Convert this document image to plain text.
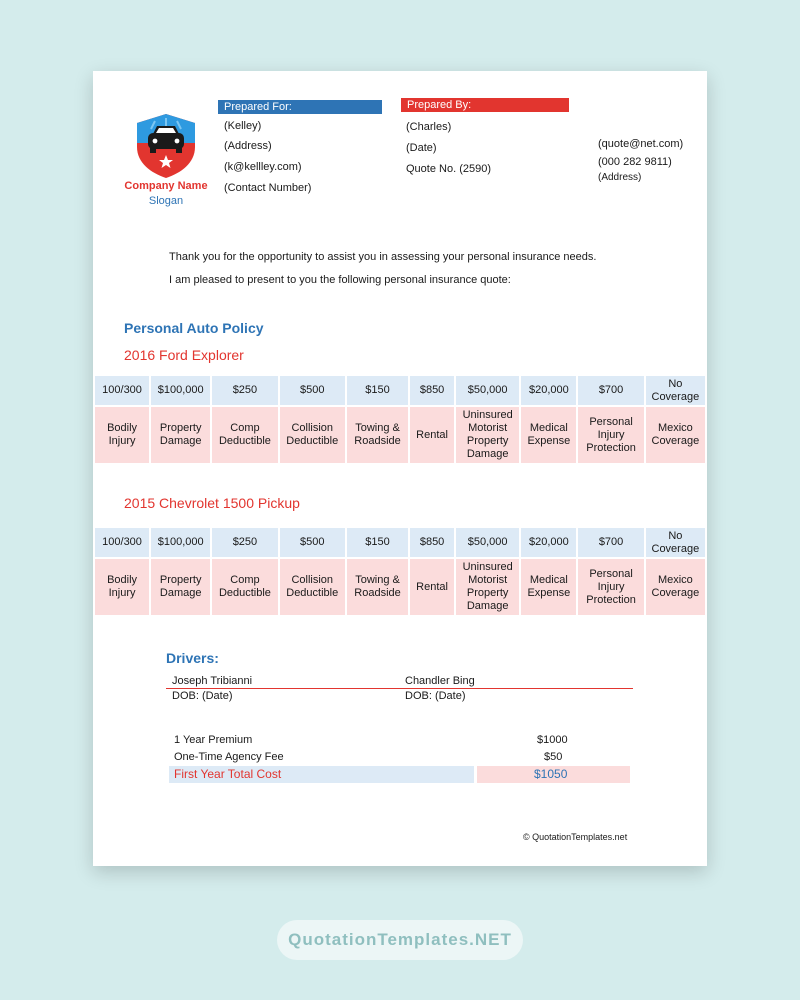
Company Name
Slogan
Prepared For:
(Kelley)
(Address)
(k@kellley.com)
(Contact Number)
Prepared By:
(Charles)
(Date)
Quote No. (2590)
(quote@net.com)
(000 282 9811)
(Address)
Thank you for the opportunity to assist you in assessing your personal insurance needs.
I am pleased to present to you the following personal insurance quote:
Personal Auto Policy
2016 Ford Explorer
100/300	$100,000	$250	$500	$150	$850	$50,000	$20,000	$700	No Coverage

Bodily Injury	Property Damage	Comp Deductible	Collision Deductible	Towing & Roadside	Rental	Uninsured Motorist Property Damage	Medical Expense	Personal Injury Protection	Mexico Coverage
2015 Chevrolet 1500 Pickup
100/300	$100,000	$250	$500	$150	$850	$50,000	$20,000	$700	No Coverage

Bodily Injury	Property Damage	Comp Deductible	Collision Deductible	Towing & Roadside	Rental	Uninsured Motorist Property Damage	Medical Expense	Personal Injury Protection	Mexico Coverage
Drivers:
Joseph Tribianni	Chandler Bing
DOB: (Date)	DOB: (Date)
1 Year Premium	$1000
One-Time Agency Fee	$50
First Year Total Cost	$1050
© QuotationTemplates.net
QuotationTemplates.NET
